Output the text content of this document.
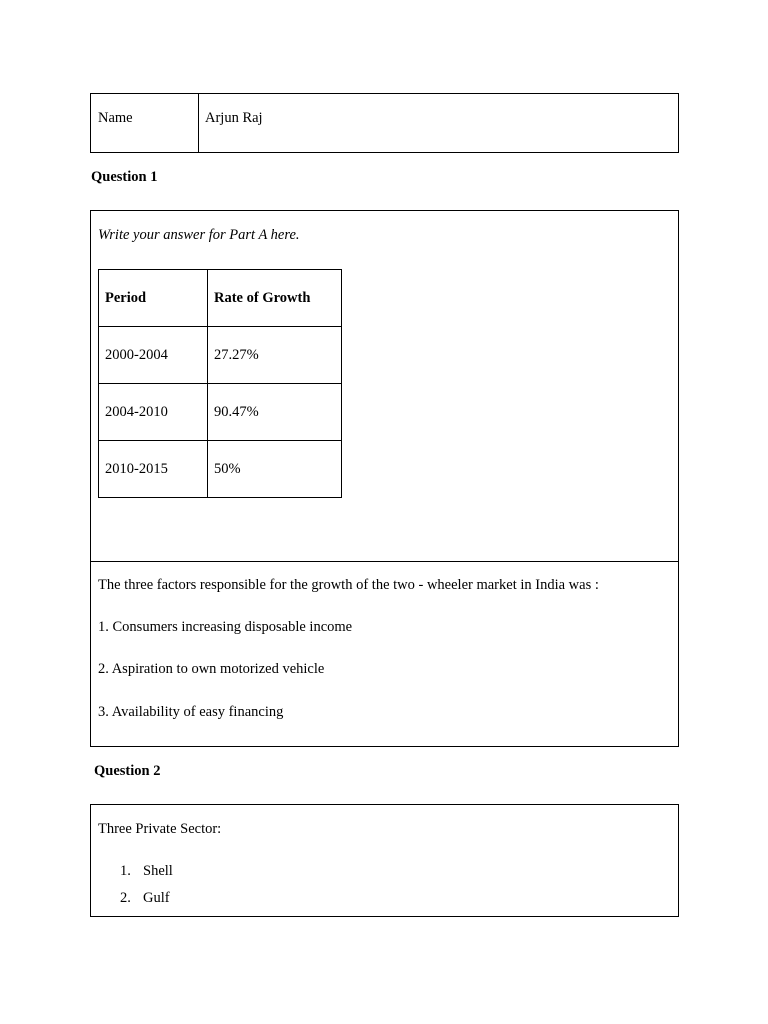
Name	Arjun Raj
Question 1
Write your answer for Part A here.
Period	Rate of Growth
2000-2004	27.27%
2004-2010	90.47%
2010-2015	50%
The three factors responsible for the growth of the two - wheeler market in India was :
1. Consumers increasing disposable income
2. Aspiration to own motorized vehicle
3. Availability of easy financing
Question 2
Three Private Sector:
1. Shell
2. Gulf
